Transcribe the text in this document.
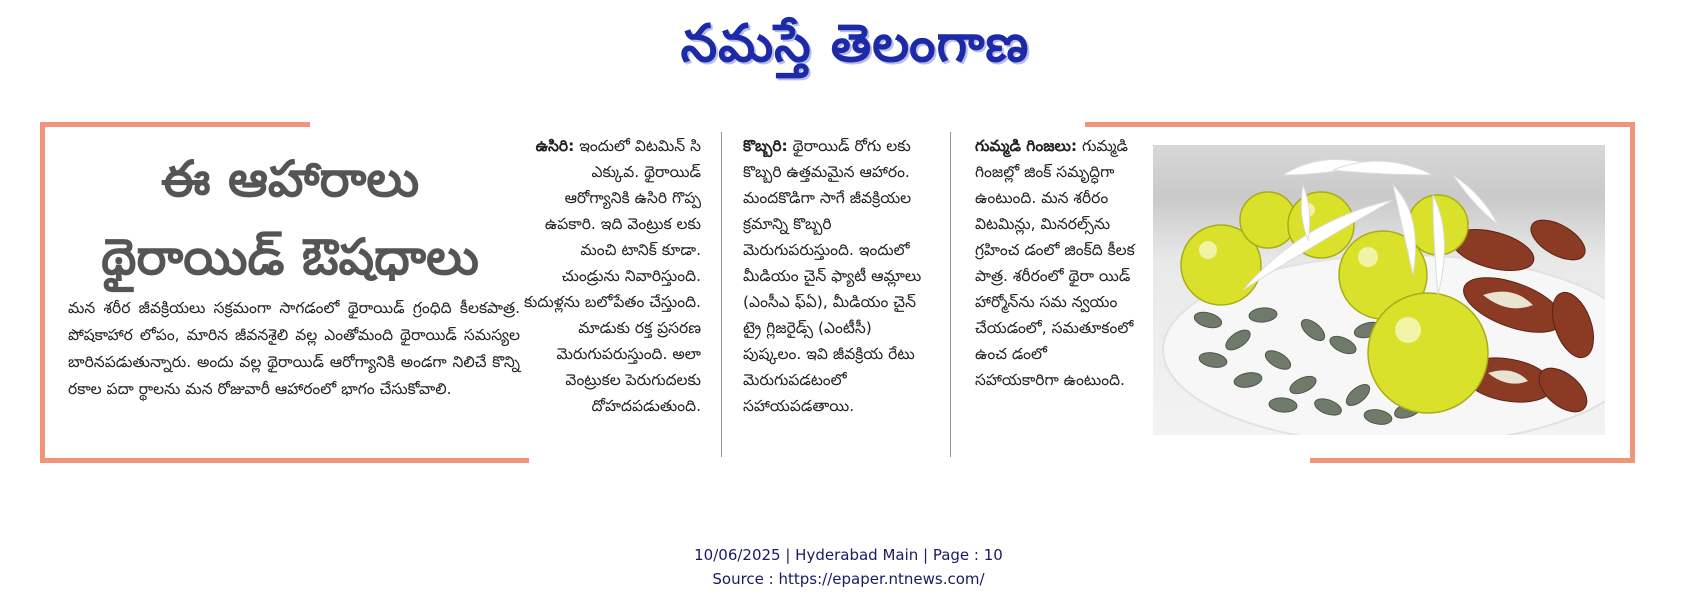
నమస్తే తెలంగాణ
ఈ ఆహారాలు
థైరాయిడ్ ఔషధాలు
మన శరీర జీవక్రియలు సక్రమంగా సాగడంలో థైరాయిడ్ గ్రంధిది కీలకపాత్ర. పోషకాహార లోపం, మారిన జీవనశైలి వల్ల ఎంతోమంది థైరాయిడ్ సమస్యల బారినపడుతున్నారు. అందు వల్ల థైరాయిడ్ ఆరోగ్యానికి అండగా నిలిచే కొన్ని రకాల పదా ర్థాలను మన రోజువారీ ఆహారంలో భాగం చేసుకోవాలి.
ఉసిరి: ఇందులో విటమిన్ సి ఎక్కువ. థైరాయిడ్ ఆరోగ్యానికి ఉసిరి గొప్ప ఉపకారి. ఇది వెంట్రుక లకు మంచి టానిక్ కూడా. చుండ్రును నివారిస్తుంది. కుదుళ్లను బలోపేతం చేస్తుంది. మాడుకు రక్త ప్రసరణ మెరుగుపరుస్తుంది. అలా వెంట్రుకల పెరుగుదలకు దోహదపడుతుంది.
కొబ్బరి: థైరాయిడ్ రోగు లకు కొబ్బరి ఉత్తమమైన ఆహారం. మందకొడిగా సాగే జీవక్రియల క్రమాన్ని కొబ్బరి మెరుగుపరుస్తుంది. ఇందులో మీడియం చైన్ ఫ్యాటీ ఆమ్లాలు (ఎంసీఎ ఫ్ఏ), మీడియం చైన్ ట్రై గ్లిజరైడ్స్ (ఎంటీసీ) పుష్కలం. ఇవి జీవక్రియ రేటు మెరుగుపడటంలో సహాయపడతాయి.
గుమ్మడి గింజలు: గుమ్మడి గింజల్లో జింక్ సమృద్ధిగా ఉంటుంది. మన శరీరం విటమిన్లు, మినరల్స్‌ను గ్రహించ డంలో జింక్‌ది కీలక పాత్ర. శరీరంలో థైరా యిడ్ హార్మోన్‌ను సమ న్వయం చేయడంలో, సమతూకంలో ఉంచ డంలో సహాయకారిగా ఉంటుంది.
10/06/2025 | Hyderabad Main | Page : 10
Source : https://epaper.ntnews.com/
